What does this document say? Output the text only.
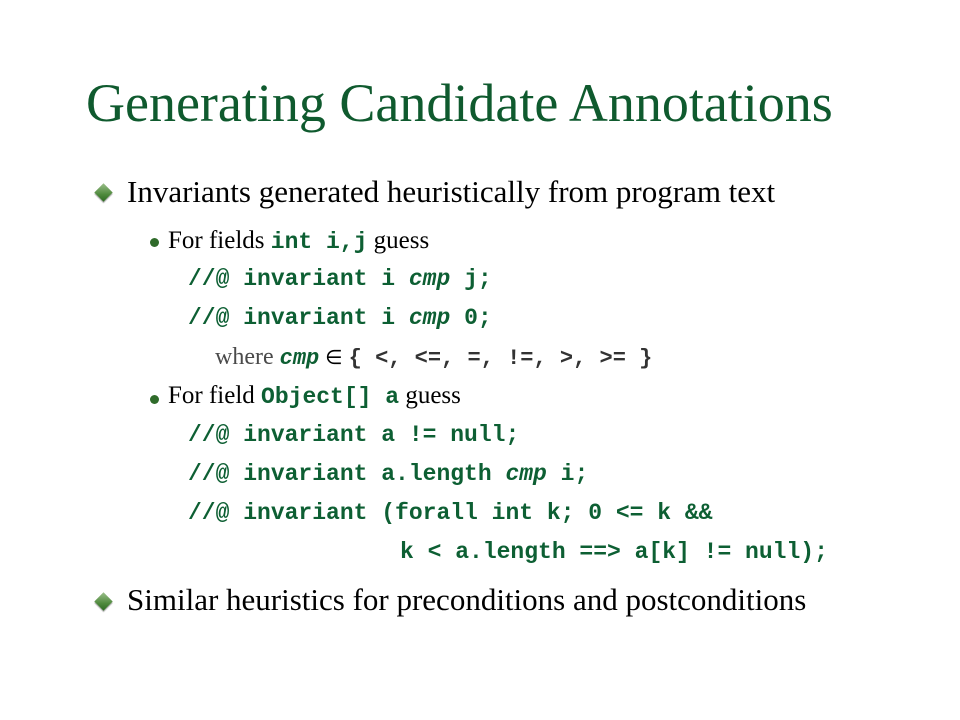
Generating Candidate Annotations
Invariants generated heuristically from program text
For fields int i,j guess
//@ invariant i cmp j;
//@ invariant i cmp 0;
where cmp ∈ { <, <=, =, !=, >, >= }
For field Object[] a guess
//@ invariant a != null;
//@ invariant a.length cmp i;
//@ invariant (forall int k; 0 <= k &&
k < a.length ==> a[k] != null);
Similar heuristics for preconditions and postconditions
